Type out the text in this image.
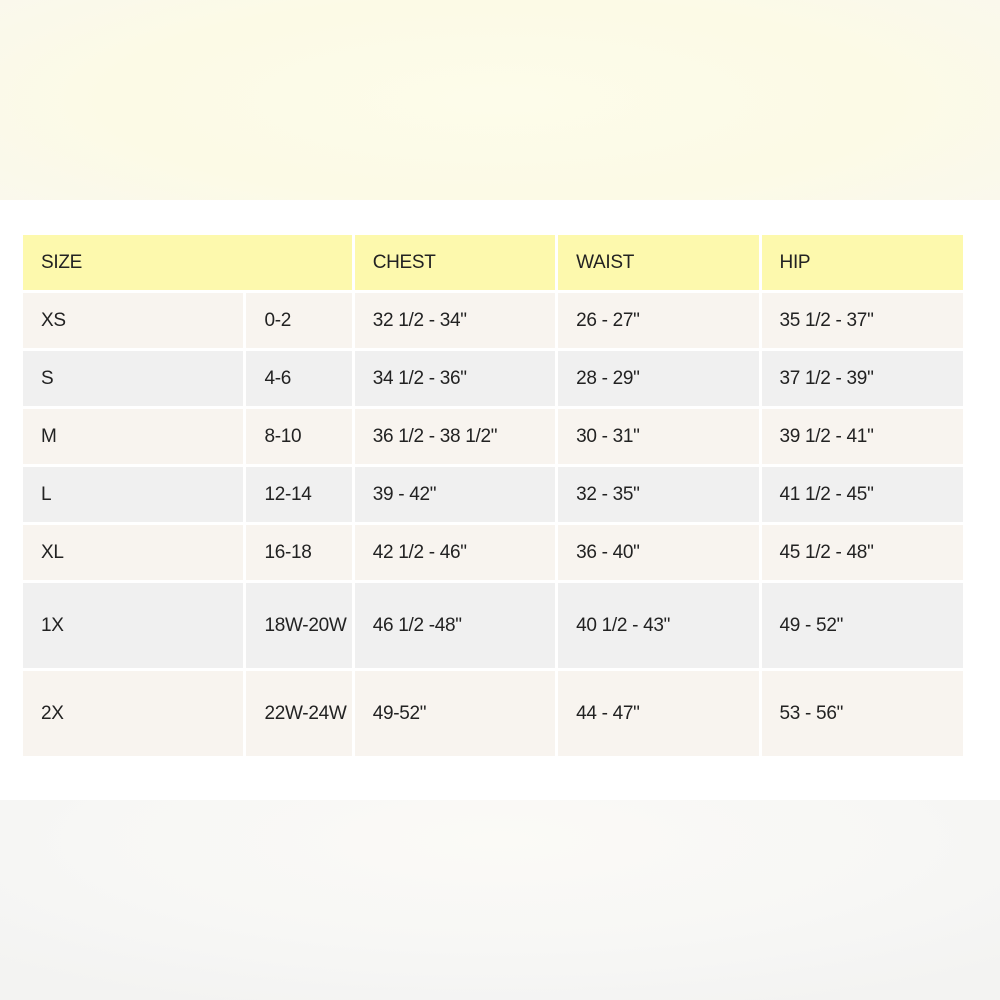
SIZE		CHEST	WAIST	HIP
XS	0-2	32 1/2 - 34"	26 - 27"	35 1/2 - 37"
S	4-6	34 1/2 - 36"	28 - 29"	37 1/2 - 39"
M	8-10	36 1/2 - 38 1/2"	30 - 31"	39 1/2 - 41"
L	12-14	39 - 42"	32 - 35"	41 1/2 - 45"
XL	16-18	42 1/2 - 46"	36 - 40"	45 1/2 - 48"
1X	18W-20W	46 1/2 -48"	40 1/2 - 43"	49 - 52"
2X	22W-24W	49-52"	44 - 47"	53 - 56"
